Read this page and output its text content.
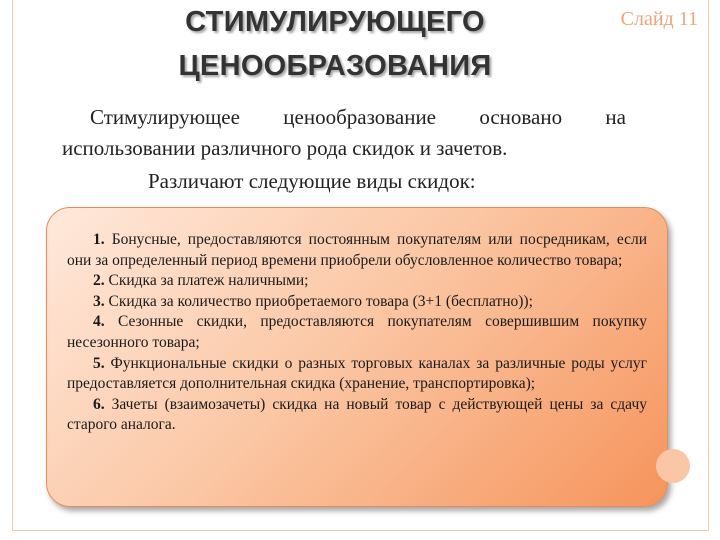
СТИМУЛИРУЮЩЕГО
ЦЕНООБРАЗОВАНИЯ
Слайд 11

Стимулирующее ценообразование основано на использовании различного рода скидок и зачетов.

Различают следующие виды скидок:

1. Бонусные, предоставляются постоянным покупателям или посредникам, если они за определенный период времени приобрели обусловленное количество товара;

2. Скидка за платеж наличными;

3. Скидка за количество приобретаемого товара (3+1 (бесплатно));

4. Сезонные скидки, предоставляются покупателям совершившим покупку несезонного товара;

5. Функциональные скидки о разных торговых каналах за различные роды услуг предоставляется дополнительная скидка (хранение, транспортировка);

6. Зачеты (взаимозачеты) скидка на новый товар с действующей цены за сдачу старого аналога.
